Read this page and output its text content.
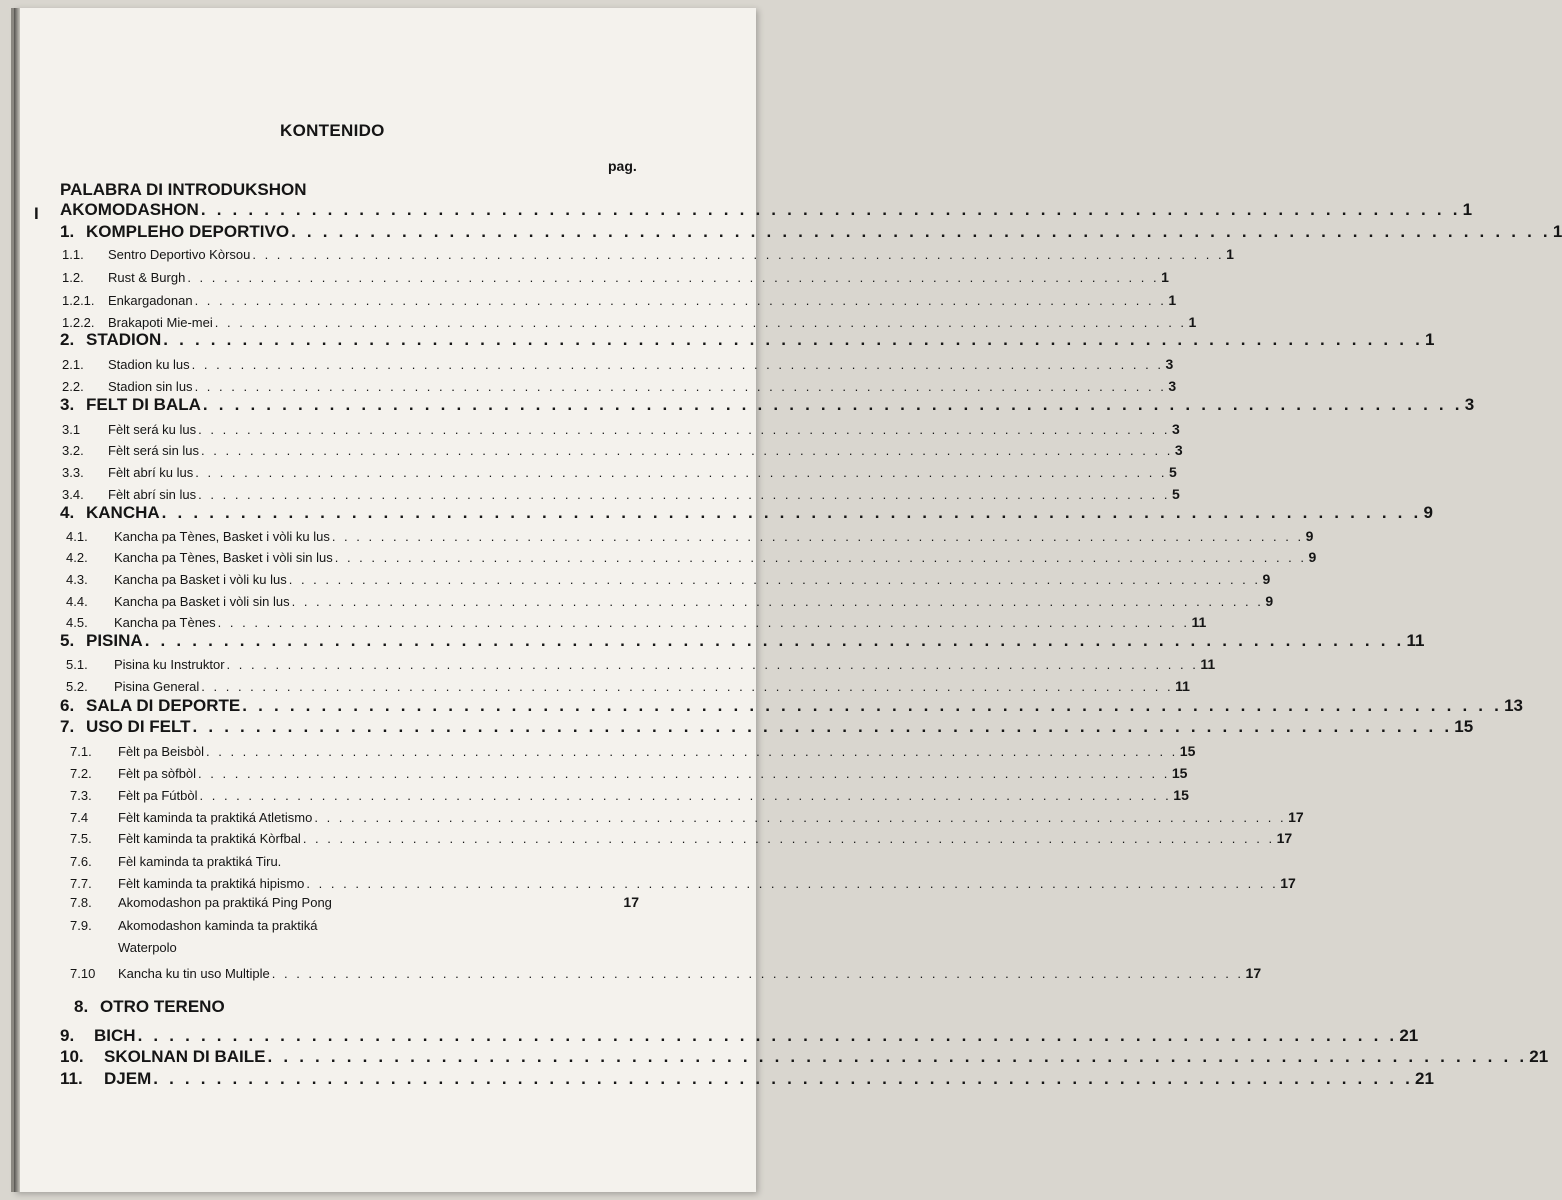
KONTENIDO
pag.
PALABRA DI INTRODUKSHON
I AKOMODASHON . . . . . . . . . . . . . . . . . . . . . . . . . . . . . . . . . . . . . . . . . . . . . . . . . . . . . . . . . . . . . . . . . . . . . . . . . . . . . . . . 1
1. KOMPLEHO DEPORTIVO . . . . . . . . . . . . . . . . . . . . . . . . . . . . . . . . . . . . . . . . . . . . . . . . . . . . . . . . . . . . . . . . . . . . . . . . . . . . . . . . 1
1.1.	Sentro Deportivo Kòrsou . . . . . . . . . . . . . . . . . . . . . . . . . . . . . . . . . . . . . . . . . . . . . . . . . . . . . . . . . . . . . . . . . . . . . . . . . . . . . . . . 1
1.2.	Rust & Burgh . . . . . . . . . . . . . . . . . . . . . . . . . . . . . . . . . . . . . . . . . . . . . . . . . . . . . . . . . . . . . . . . . . . . . . . . . . . . . . . . 1
1.2.1.	Enkargadonan . . . . . . . . . . . . . . . . . . . . . . . . . . . . . . . . . . . . . . . . . . . . . . . . . . . . . . . . . . . . . . . . . . . . . . . . . . . . . . . . 1
1.2.2.	Brakapoti Mie-mei . . . . . . . . . . . . . . . . . . . . . . . . . . . . . . . . . . . . . . . . . . . . . . . . . . . . . . . . . . . . . . . . . . . . . . . . . . . . . . . . 1
2. STADION . . . . . . . . . . . . . . . . . . . . . . . . . . . . . . . . . . . . . . . . . . . . . . . . . . . . . . . . . . . . . . . . . . . . . . . . . . . . . . . . 1
2.1.	Stadion ku lus . . . . . . . . . . . . . . . . . . . . . . . . . . . . . . . . . . . . . . . . . . . . . . . . . . . . . . . . . . . . . . . . . . . . . . . . . . . . . . . . 3
2.2.	Stadion sin lus . . . . . . . . . . . . . . . . . . . . . . . . . . . . . . . . . . . . . . . . . . . . . . . . . . . . . . . . . . . . . . . . . . . . . . . . . . . . . . . . 3
3. FELT DI BALA . . . . . . . . . . . . . . . . . . . . . . . . . . . . . . . . . . . . . . . . . . . . . . . . . . . . . . . . . . . . . . . . . . . . . . . . . . . . . . . . 3
3.1	Fèlt será ku lus . . . . . . . . . . . . . . . . . . . . . . . . . . . . . . . . . . . . . . . . . . . . . . . . . . . . . . . . . . . . . . . . . . . . . . . . . . . . . . . . 3
3.2.	Fèlt será sin lus . . . . . . . . . . . . . . . . . . . . . . . . . . . . . . . . . . . . . . . . . . . . . . . . . . . . . . . . . . . . . . . . . . . . . . . . . . . . . . . . 3
3.3.	Fèlt abrí ku lus . . . . . . . . . . . . . . . . . . . . . . . . . . . . . . . . . . . . . . . . . . . . . . . . . . . . . . . . . . . . . . . . . . . . . . . . . . . . . . . . 5
3.4.	Fèlt abrí sin lus . . . . . . . . . . . . . . . . . . . . . . . . . . . . . . . . . . . . . . . . . . . . . . . . . . . . . . . . . . . . . . . . . . . . . . . . . . . . . . . . 5
4. KANCHA . . . . . . . . . . . . . . . . . . . . . . . . . . . . . . . . . . . . . . . . . . . . . . . . . . . . . . . . . . . . . . . . . . . . . . . . . . . . . . . . 9
4.1.	Kancha pa Tènes, Basket i vòli ku lus . . . . . . . . . . . . . . . . . . . . . . . . . . . . . . . . . . . . . . . . . . . . . . . . . . . . . . . . . . . . . . . . . . . . . . . . . . . . . . . . 9
4.2.	Kancha pa Tènes, Basket i vòli sin lus . . . . . . . . . . . . . . . . . . . . . . . . . . . . . . . . . . . . . . . . . . . . . . . . . . . . . . . . . . . . . . . . . . . . . . . . . . . . . . . . 9
4.3.	Kancha pa Basket i vòli ku lus . . . . . . . . . . . . . . . . . . . . . . . . . . . . . . . . . . . . . . . . . . . . . . . . . . . . . . . . . . . . . . . . . . . . . . . . . . . . . . . . 9
4.4.	Kancha pa Basket i vòli sin lus . . . . . . . . . . . . . . . . . . . . . . . . . . . . . . . . . . . . . . . . . . . . . . . . . . . . . . . . . . . . . . . . . . . . . . . . . . . . . . . . 9
4.5.	Kancha pa Tènes . . . . . . . . . . . . . . . . . . . . . . . . . . . . . . . . . . . . . . . . . . . . . . . . . . . . . . . . . . . . . . . . . . . . . . . . . . . . . . . . 11
5. PISINA . . . . . . . . . . . . . . . . . . . . . . . . . . . . . . . . . . . . . . . . . . . . . . . . . . . . . . . . . . . . . . . . . . . . . . . . . . . . . . . . 11
5.1.	Pisina ku Instruktor . . . . . . . . . . . . . . . . . . . . . . . . . . . . . . . . . . . . . . . . . . . . . . . . . . . . . . . . . . . . . . . . . . . . . . . . . . . . . . . . 11
5.2.	Pisina General . . . . . . . . . . . . . . . . . . . . . . . . . . . . . . . . . . . . . . . . . . . . . . . . . . . . . . . . . . . . . . . . . . . . . . . . . . . . . . . . 11
6. SALA DI DEPORTE . . . . . . . . . . . . . . . . . . . . . . . . . . . . . . . . . . . . . . . . . . . . . . . . . . . . . . . . . . . . . . . . . . . . . . . . . . . . . . . . 13
7. USO DI FELT . . . . . . . . . . . . . . . . . . . . . . . . . . . . . . . . . . . . . . . . . . . . . . . . . . . . . . . . . . . . . . . . . . . . . . . . . . . . . . . . 15
7.1.	Fèlt pa Beisbòl . . . . . . . . . . . . . . . . . . . . . . . . . . . . . . . . . . . . . . . . . . . . . . . . . . . . . . . . . . . . . . . . . . . . . . . . . . . . . . . . 15
7.2.	Fèlt pa sòfbòl . . . . . . . . . . . . . . . . . . . . . . . . . . . . . . . . . . . . . . . . . . . . . . . . . . . . . . . . . . . . . . . . . . . . . . . . . . . . . . . . 15
7.3.	Fèlt pa Fútbòl . . . . . . . . . . . . . . . . . . . . . . . . . . . . . . . . . . . . . . . . . . . . . . . . . . . . . . . . . . . . . . . . . . . . . . . . . . . . . . . . 15
7.4	Fèlt kaminda ta praktiká Atletismo . . . . . . . . . . . . . . . . . . . . . . . . . . . . . . . . . . . . . . . . . . . . . . . . . . . . . . . . . . . . . . . . . . . . . . . . . . . . . . . . 17
7.5.	Fèlt kaminda ta praktiká Kòrfbal . . . . . . . . . . . . . . . . . . . . . . . . . . . . . . . . . . . . . . . . . . . . . . . . . . . . . . . . . . . . . . . . . . . . . . . . . . . . . . . . 17
7.6.	Fèl kaminda ta praktiká Tiru.
7.7.	Fèlt kaminda ta praktiká hipismo . . . . . . . . . . . . . . . . . . . . . . . . . . . . . . . . . . . . . . . . . . . . . . . . . . . . . . . . . . . . . . . . . . . . . . . . . . . . . . . . 17
7.8.	Akomodashon pa praktiká Ping Pong	17
7.9.	Akomodashon kaminda ta praktiká
Waterpolo
7.10	Kancha ku tin uso Multiple . . . . . . . . . . . . . . . . . . . . . . . . . . . . . . . . . . . . . . . . . . . . . . . . . . . . . . . . . . . . . . . . . . . . . . . . . . . . . . . . 17
8. OTRO TERENO
9.	BICH . . . . . . . . . . . . . . . . . . . . . . . . . . . . . . . . . . . . . . . . . . . . . . . . . . . . . . . . . . . . . . . . . . . . . . . . . . . . . . . . 21
10.	SKOLNAN DI BAILE . . . . . . . . . . . . . . . . . . . . . . . . . . . . . . . . . . . . . . . . . . . . . . . . . . . . . . . . . . . . . . . . . . . . . . . . . . . . . . . . 21
11.	DJEM . . . . . . . . . . . . . . . . . . . . . . . . . . . . . . . . . . . . . . . . . . . . . . . . . . . . . . . . . . . . . . . . . . . . . . . . . . . . . . . . 21
